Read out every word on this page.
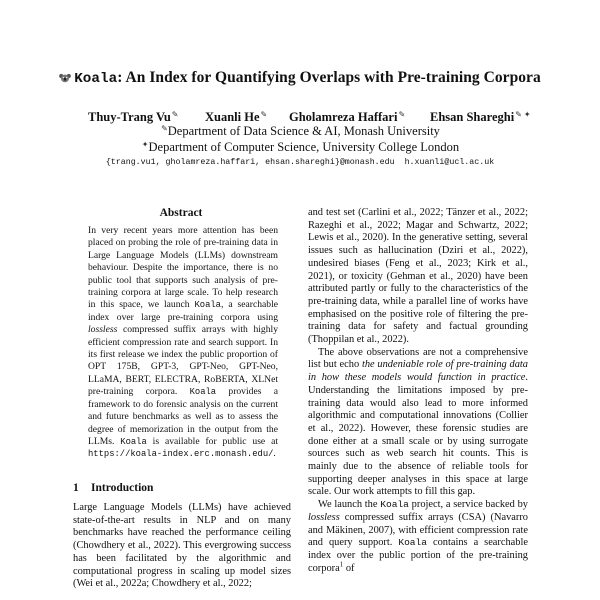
Koala: An Index for Quantifying Overlaps with Pre-training Corpora
Thuy-Trang Vu✎ Xuanli He✎ Gholamreza Haffari✎ Ehsan Shareghi✎ ✦
✎Department of Data Science & AI, Monash University
✦Department of Computer Science, University College London
{trang.vu1, gholamreza.haffari, ehsan.shareghi}@monash.edu h.xuanli@ucl.ac.uk
Abstract

In very recent years more attention has been placed on probing the role of pre-training data in Large Language Models (LLMs) downstream behaviour. Despite the importance, there is no public tool that supports such analysis of pre-training corpora at large scale. To help research in this space, we launch Koala, a searchable index over large pre-training corpora using lossless compressed suffix arrays with highly efficient compression rate and search support. In its first release we index the public proportion of OPT 175B, GPT-3, GPT-Neo, GPT-Neo, LLaMA, BERT, ELECTRA, RoBERTA, XLNet pre-training corpora. Koala provides a framework to do forensic analysis on the current and future benchmarks as well as to assess the degree of memorization in the output from the LLMs. Koala is available for public use at https://koala-index.erc.monash.edu/.

1 Introduction

Large Language Models (LLMs) have achieved state-of-the-art results in NLP and on many benchmarks have reached the performance ceiling (Chowdhery et al., 2022). This evergrowing success has been facilitated by the algorithmic and computational progress in scaling up model sizes (Wei et al., 2022a; Chowdhery et al., 2022;

and test set (Carlini et al., 2022; Tänzer et al., 2022; Razeghi et al., 2022; Magar and Schwartz, 2022; Lewis et al., 2020). In the generative setting, several issues such as hallucination (Dziri et al., 2022), undesired biases (Feng et al., 2023; Kirk et al., 2021), or toxicity (Gehman et al., 2020) have been attributed partly or fully to the characteristics of the pre-training data, while a parallel line of works have emphasised on the positive role of filtering the pre-training data for safety and factual grounding (Thoppilan et al., 2022).

The above observations are not a comprehensive list but echo the undeniable role of pre-training data in how these models would function in practice. Understanding the limitations imposed by pre-training data would also lead to more informed algorithmic and computational innovations (Collier et al., 2022). However, these forensic studies are done either at a small scale or by using surrogate sources such as web search hit counts. This is mainly due to the absence of reliable tools for supporting deeper analyses in this space at large scale. Our work attempts to fill this gap.

We launch the Koala project, a service backed by lossless compressed suffix arrays (CSA) (Navarro and Mäkinen, 2007), with efficient compression rate and query support. Koala contains a searchable index over the public portion of the pre-training corpora$^1$ of
